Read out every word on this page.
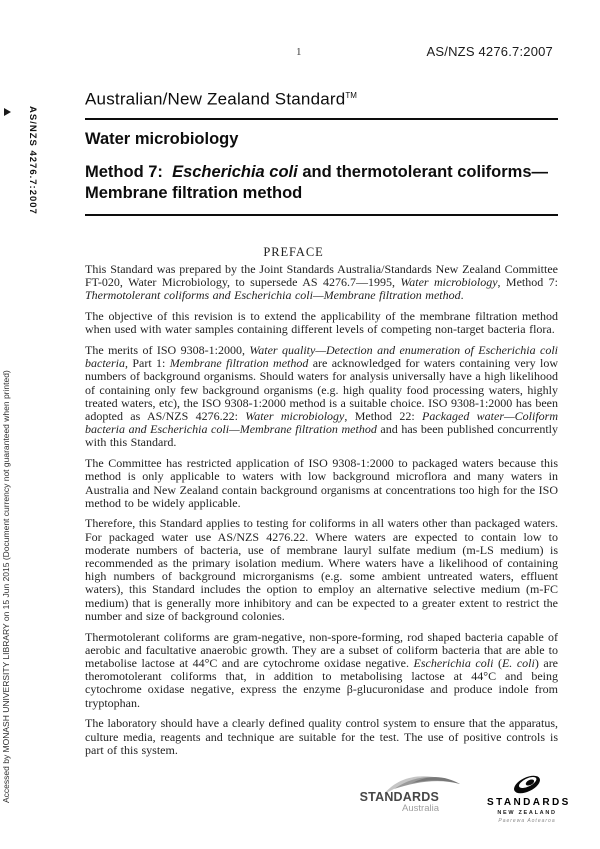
AS/NZS 4276.7:2007
1
AS/NZS 4276.7:2007
Accessed by MONASH UNIVERSITY LIBRARY on 15 Jun 2015 (Document currency not guaranteed when printed)
Australian/New Zealand Standard™
Water microbiology
Method 7:  Escherichia coli and thermotolerant coliforms—Membrane filtration method
PREFACE

This Standard was prepared by the Joint Standards Australia/Standards New Zealand Committee FT-020, Water Microbiology, to supersede AS 4276.7—1995, Water microbiology, Method 7: Thermotolerant coliforms and Escherichia coli—Membrane filtration method.

The objective of this revision is to extend the applicability of the membrane filtration method when used with water samples containing different levels of competing non-target bacteria flora.

The merits of ISO 9308-1:2000, Water quality—Detection and enumeration of Escherichia coli bacteria, Part 1: Membrane filtration method are acknowledged for waters containing very low numbers of background organisms. Should waters for analysis universally have a high likelihood of containing only few background organisms (e.g. high quality food processing waters, highly treated waters, etc), the ISO 9308-1:2000 method is a suitable choice. ISO 9308-1:2000 has been adopted as AS/NZS 4276.22: Water microbiology, Method 22: Packaged water—Coliform bacteria and Escherichia coli—Membrane filtration method and has been published concurrently with this Standard.

The Committee has restricted application of ISO 9308-1:2000 to packaged waters because this method is only applicable to waters with low background microflora and many waters in Australia and New Zealand contain background organisms at concentrations too high for the ISO method to be widely applicable.

Therefore, this Standard applies to testing for coliforms in all waters other than packaged waters. For packaged water use AS/NZS 4276.22. Where waters are expected to contain low to moderate numbers of bacteria, use of membrane lauryl sulfate medium (m-LS medium) is recommended as the primary isolation medium. Where waters have a likelihood of containing high numbers of background microrganisms (e.g. some ambient untreated waters, effluent waters), this Standard includes the option to employ an alternative selective medium (m-FC medium) that is generally more inhibitory and can be expected to a greater extent to restrict the number and size of background colonies.

Thermotolerant coliforms are gram-negative, non-spore-forming, rod shaped bacteria capable of aerobic and facultative anaerobic growth. They are a subset of coliform bacteria that are able to metabolise lactose at 44°C and are cytochrome oxidase negative. Escherichia coli (E. coli) are theromotolerant coliforms that, in addition to metabolising lactose at 44°C and being cytochrome oxidase negative, express the enzyme β-glucuronidase and produce indole from tryptophan.

The laboratory should have a clearly defined quality control system to ensure that the apparatus, culture media, reagents and technique are suitable for the test. The use of positive controls is part of this system.

STANDARDS
Australia
STANDARDS
NEW ZEALAND
Paerewa Aotearoa
